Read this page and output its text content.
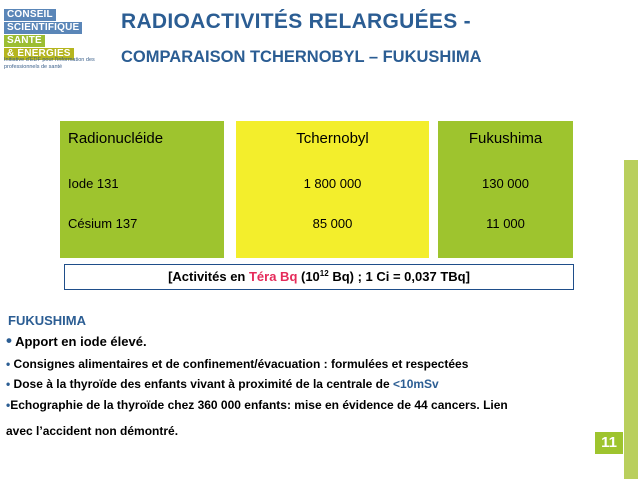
CONSEIL
SCIENTIFIQUE
SANTÉ
& ÉNERGIES
Initiative d'EDF pour l'information des professionnels de santé
RADIOACTIVITÉS RELARGUÉES -
COMPARAISON TCHERNOBYL – FUKUSHIMA
Radionucléide
Iode 131
Césium 137
Tchernobyl
1 800 000
85 000
Fukushima
130 000
11 000
[Activités en Téra Bq ($10^{12}$ Bq) ; 1 Ci = 0,037 TBq]
FUKUSHIMA
• Apport en iode élevé.
• Consignes alimentaires et de confinement/évacuation : formulées et respectées
• Dose à la thyroïde des enfants vivant à proximité de la centrale de <10mSv
•Echographie de la thyroïde chez 360 000 enfants: mise en évidence de 44 cancers. Lien
avec l’accident non démontré.
11
